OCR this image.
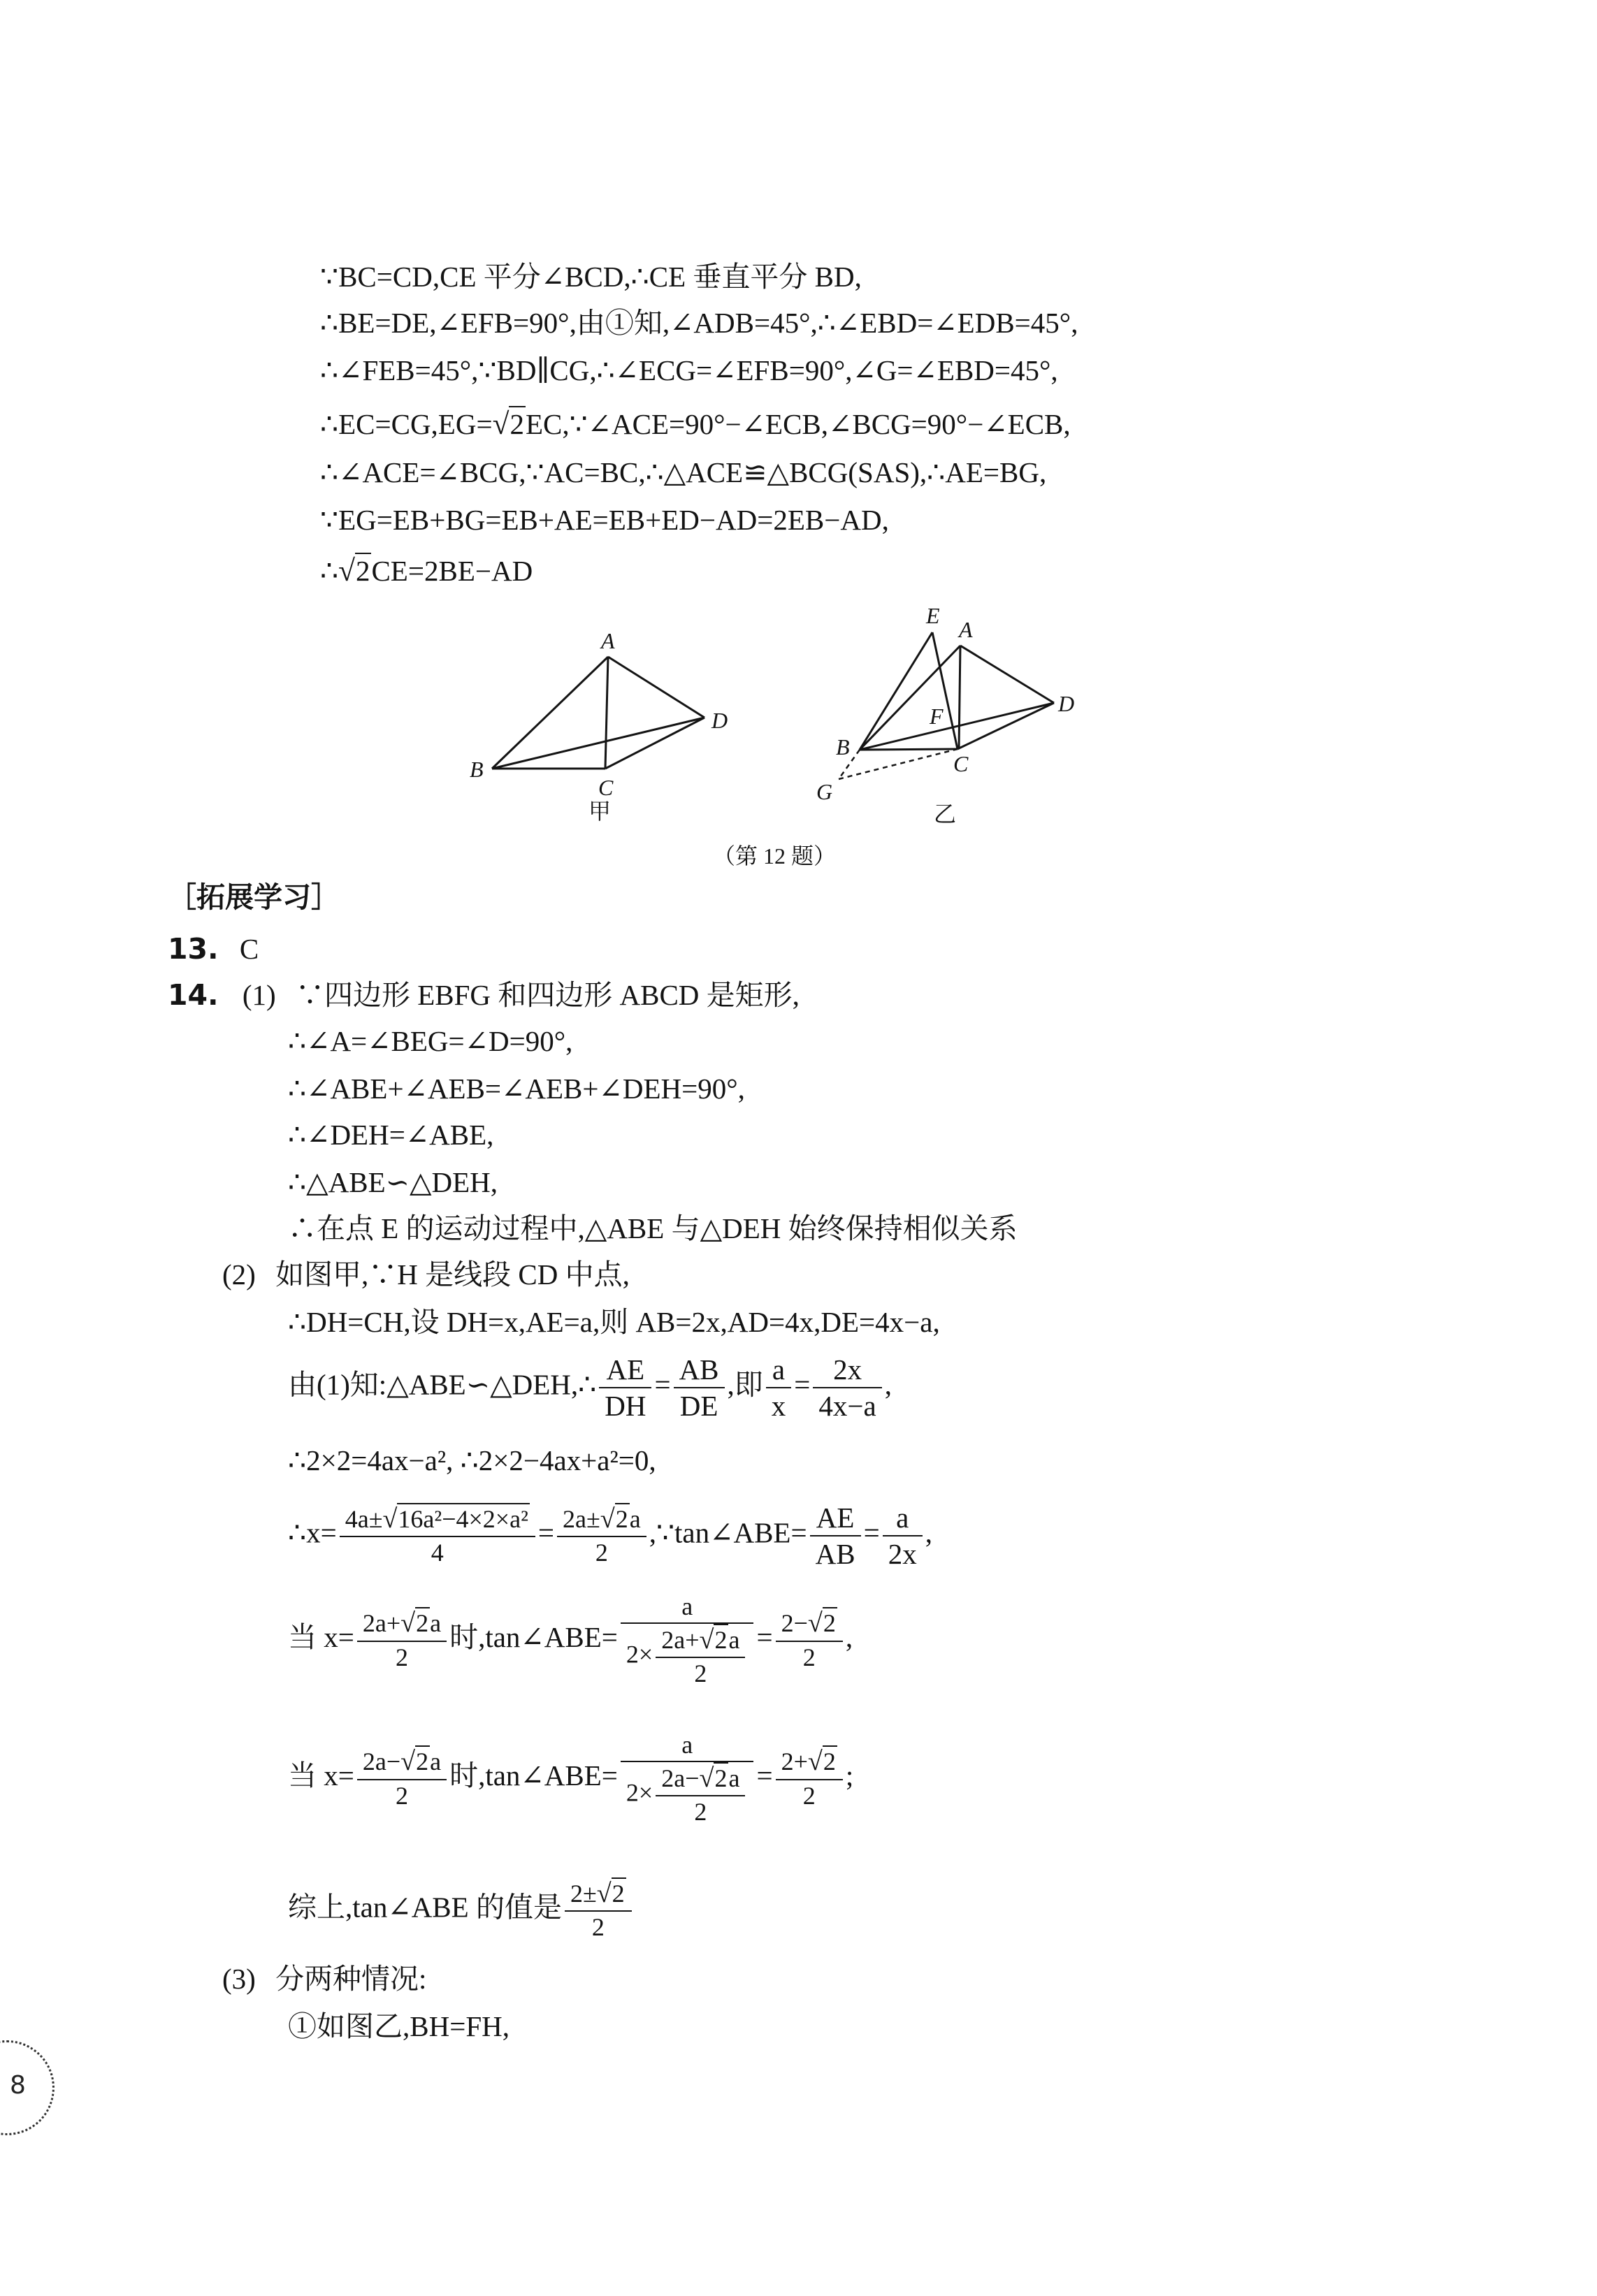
∵BC=CD,CE 平分∠BCD,∴CE 垂直平分 BD,
∴BE=DE,∠EFB=90°,由①知,∠ADB=45°,∴∠EBD=∠EDB=45°,
∴∠FEB=45°,∵BD∥CG,∴∠ECG=∠EFB=90°,∠G=∠EBD=45°,
∴EC=CG,EG=√2EC,∵∠ACE=90°−∠ECB,∠BCG=90°−∠ECB,
∴∠ACE=∠BCG,∵AC=BC,∴△ACE≌△BCG(SAS),∴AE=BG,
∵EG=EB+BG=EB+AE=EB+ED−AD=2EB−AD,
∴√2CE=2BE−AD
A
B
C
D
甲
E
A
D
F
B
C
G
乙
（第 12 题）
［拓展学习］
13. C
14. (1) ∵四边形 EBFG 和四边形 ABCD 是矩形,
∴∠A=∠BEG=∠D=90°,
∴∠ABE+∠AEB=∠AEB+∠DEH=90°,
∴∠DEH=∠ABE,
∴△ABE∽△DEH,
∴在点 E 的运动过程中,△ABE 与△DEH 始终保持相似关系
(2) 如图甲,∵H 是线段 CD 中点,
∴DH=CH,设 DH=x,AE=a,则 AB=2x,AD=4x,DE=4x−a,
由(1)知:△ABE∽△DEH,∴ $\frac{AE}{DH} = \frac{AB}{DE}$ ,即 $\frac{a}{x} = \frac{2x}{4x-a}$ ,
∴2×2=4ax−a², ∴2×2−4ax+a²=0,
∴x= $\frac{\text{4a±√16a²−4×2×a²}}{4} = \frac{2a\pm√2a}{2}$ ,∵tan∠ABE= $\frac{AE}{AB} = \frac{a}{2x}$ ,
当 $x= \frac{2a+√2a}{2}$ 时,tan∠ABE= $\frac{a}{2\times \frac{2a+√2a}{2}} = \frac{2-√2}{2}$ ,
当 $x= \frac{2a-√2a}{2}$ 时,tan∠ABE= $\frac{a}{2\times \frac{2a-√2a}{2}} = \frac{2+√2}{2}$ ;
综上,tan∠ABE 的值是 $\frac{2\pm√2}{2}$
(3) 分两种情况:
①如图乙,BH=FH,
8
